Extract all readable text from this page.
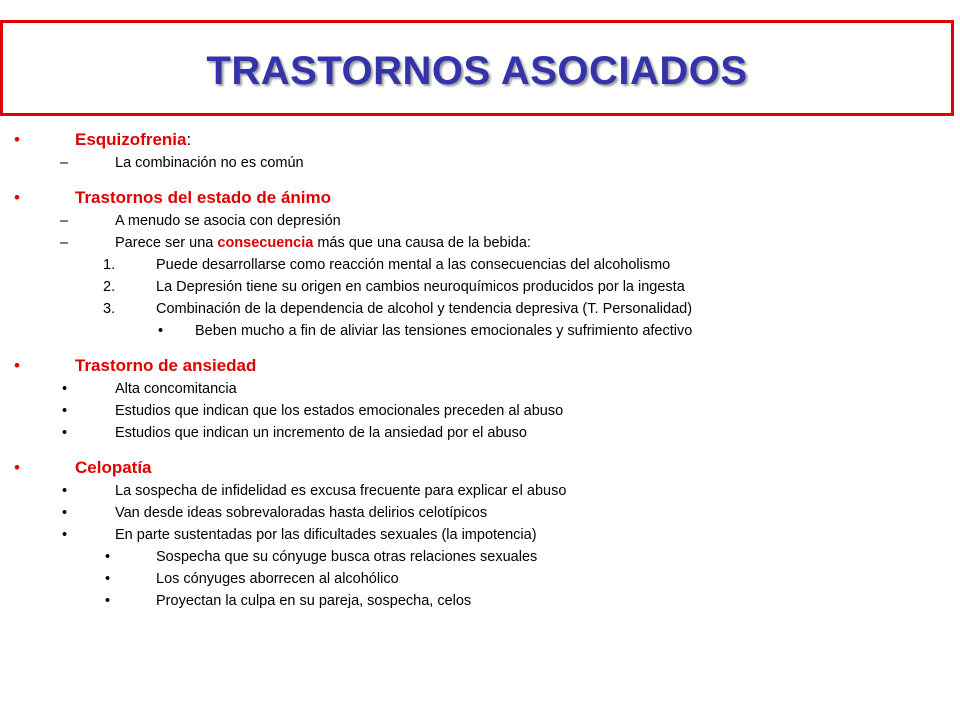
TRASTORNOS ASOCIADOS
•	Esquizofrenia:
–	La combinación no es común
•	Trastornos del estado de ánimo
–	A menudo se asocia con depresión
–	Parece ser una consecuencia más que una causa de la bebida:
1.	Puede desarrollarse como reacción mental a las consecuencias del alcoholismo
2.	La Depresión tiene su origen en cambios neuroquímicos producidos por la ingesta
3.	Combinación de la dependencia de alcohol y tendencia depresiva (T. Personalidad)
• Beben mucho a fin de aliviar las tensiones emocionales y sufrimiento afectivo
•	Trastorno de ansiedad
•	Alta concomitancia
•	Estudios que indican que los estados emocionales preceden al abuso
•	Estudios que indican un incremento de la ansiedad por el abuso
•	Celopatía
•	La sospecha de infidelidad es excusa frecuente para explicar el abuso
•	Van desde ideas sobrevaloradas hasta delirios celotípicos
•	En parte sustentadas por las dificultades sexuales (la impotencia)
•	Sospecha que su cónyuge busca otras relaciones sexuales
•	Los cónyuges aborrecen al alcohólico
•	Proyectan la culpa en su pareja, sospecha, celos
